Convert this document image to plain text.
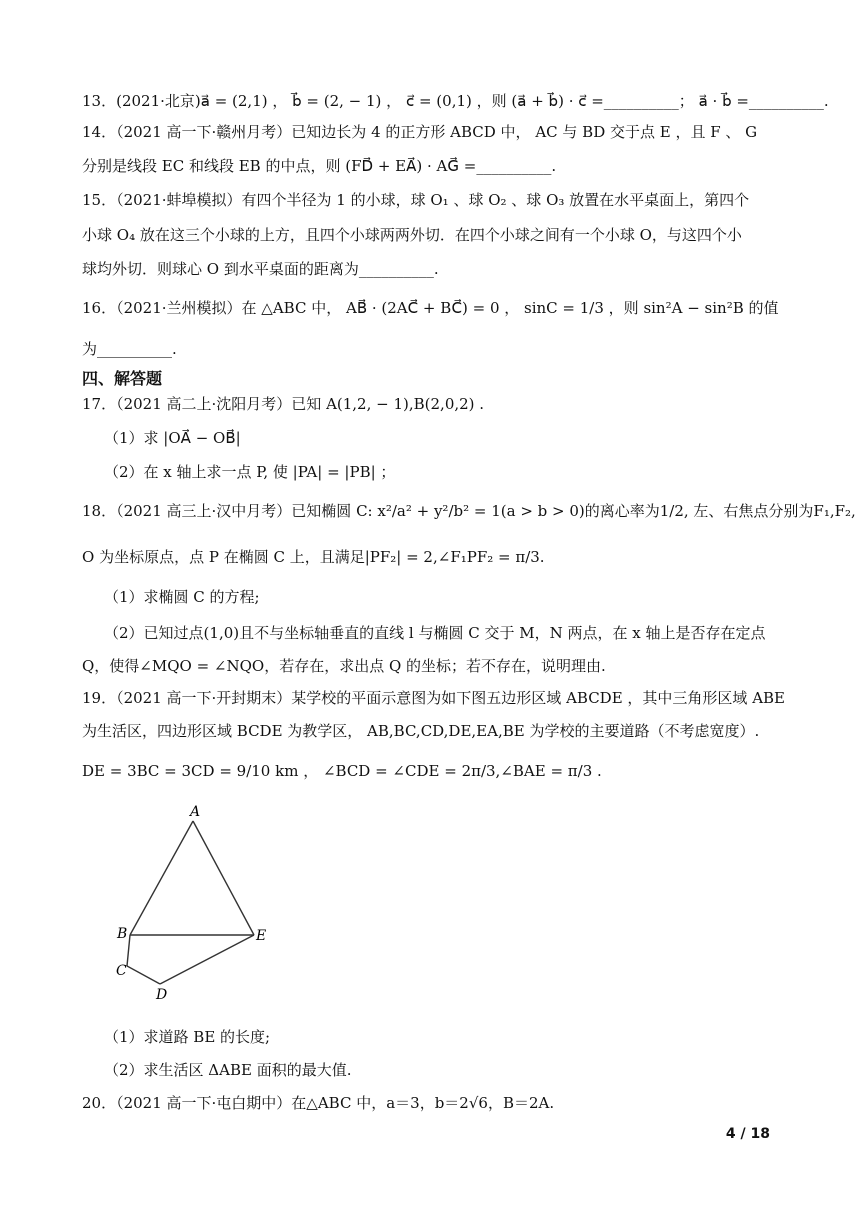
13．(2021·北京)a⃗ = (2,1) ， b⃗ = (2, − 1) ， c⃗ = (0,1) ，则 (a⃗ + b⃗) · c⃗ =__________； a⃗ · b⃗ =__________.
14．（2021 高一下·赣州月考）已知边长为 4 的正方形 ABCD 中， AC 与 BD 交于点 E ，且 F 、 G
分别是线段 EC 和线段 EB 的中点，则 (FD⃗ + EA⃗) · AG⃗ =__________.
15．（2021·蚌埠模拟）有四个半径为 1 的小球，球 O₁ 、球 O₂ 、球 O₃ 放置在水平桌面上，第四个
小球 O₄ 放在这三个小球的上方，且四个小球两两外切．在四个小球之间有一个小球 O，与这四个小
球均外切．则球心 O 到水平桌面的距离为__________.
16．（2021·兰州模拟）在 △ABC 中， AB⃗ · (2AC⃗ + BC⃗) = 0 ， sinC = 1/3 ，则 sin²A − sin²B 的值
为__________.
四、解答题
17．（2021 高二上·沈阳月考）已知 A(1,2, − 1),B(2,0,2) .
（1）求 |OA⃗ − OB⃗|
（2）在 x 轴上求一点 P, 使 |PA| = |PB| ；
18．（2021 高三上·汉中月考）已知椭圆 C: x²/a² + y²/b² = 1(a > b > 0)的离心率为1/2, 左、右焦点分别为F₁,F₂,
O 为坐标原点，点 P 在椭圆 C 上，且满足|PF₂| = 2,∠F₁PF₂ = π/3.
（1）求椭圆 C 的方程;
（2）已知过点(1,0)且不与坐标轴垂直的直线 l 与椭圆 C 交于 M，N 两点，在 x 轴上是否存在定点
Q，使得∠MQO = ∠NQO，若存在，求出点 Q 的坐标；若不存在，说明理由.
19．（2021 高一下·开封期末）某学校的平面示意图为如下图五边形区域 ABCDE ，其中三角形区域 ABE
为生活区，四边形区域 BCDE 为教学区， AB,BC,CD,DE,EA,BE 为学校的主要道路（不考虑宽度）.
DE = 3BC = 3CD = 9/10 km ， ∠BCD = ∠CDE = 2π/3,∠BAE = π/3 .
A
B
C
D
E
（1）求道路 BE 的长度;
（2）求生活区 ΔABE 面积的最大值.
20．（2021 高一下·屯白期中）在△ABC 中，a＝3，b＝2√6，B＝2A.
4 / 18
